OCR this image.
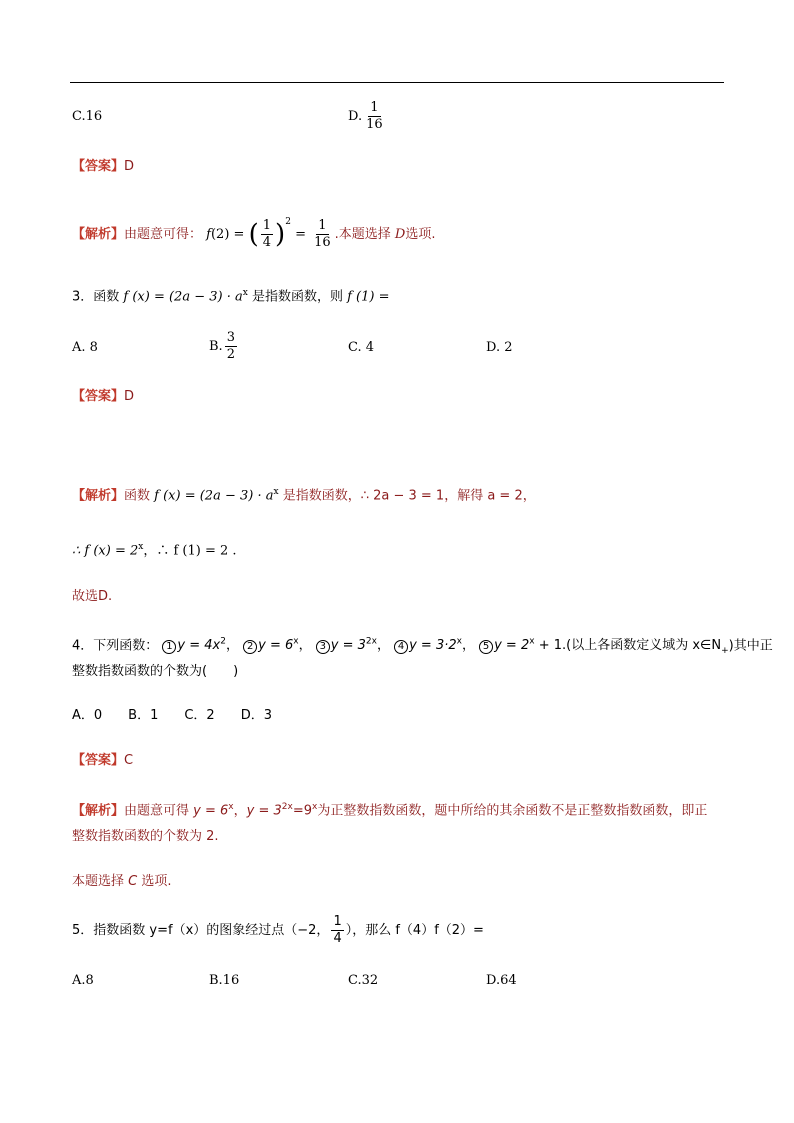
C.16	D. $\frac{1}{16}$
【答案】D
【解析】由题意可得： f(2) = ( $\frac{1}{4} )^2 = \frac{1}{16}$ .本题选择 D选项.
3．函数 f $(x) = (2a - 3) \cdot a^x$ 是指数函数，则 f (1) =
A. 8	B. $\frac{3}{2}$	C. 4	D. 2
【答案】D
【解析】函数 f $(x) = (2a - 3) \cdot a^x$ 是指数函数，∴ 2a − 3 = 1，解得 a = 2，
∴ f $(x) = 2^x$，∴ f (1) = 2 .
故选D.
4．下列函数： 1 $y = 4x^2$， 2 $y = 6^x$， 3 $y = 3^{2x}$， 4 $y = 3\cdot 2^x$， 5 $y = 2^x + 1$.(以上各函数定义域为 $x\in N_+$)其中正
整数指数函数的个数为(　　)
A．0　　B．1　　C．2　　D．3
【答案】C
【解析】由题意可得 $y = 6^x$，$y = 3^{2x}=9^x$为正整数指数函数，题中所给的其余函数不是正整数指数函数，即正
整数指数函数的个数为 2.
本题选择 C 选项.
5．指数函数 y=f（x）的图象经过点（−2， $\frac{1}{4}$ ），那么 f（4）f（2）=
A.8	B.16	C.32	D.64
